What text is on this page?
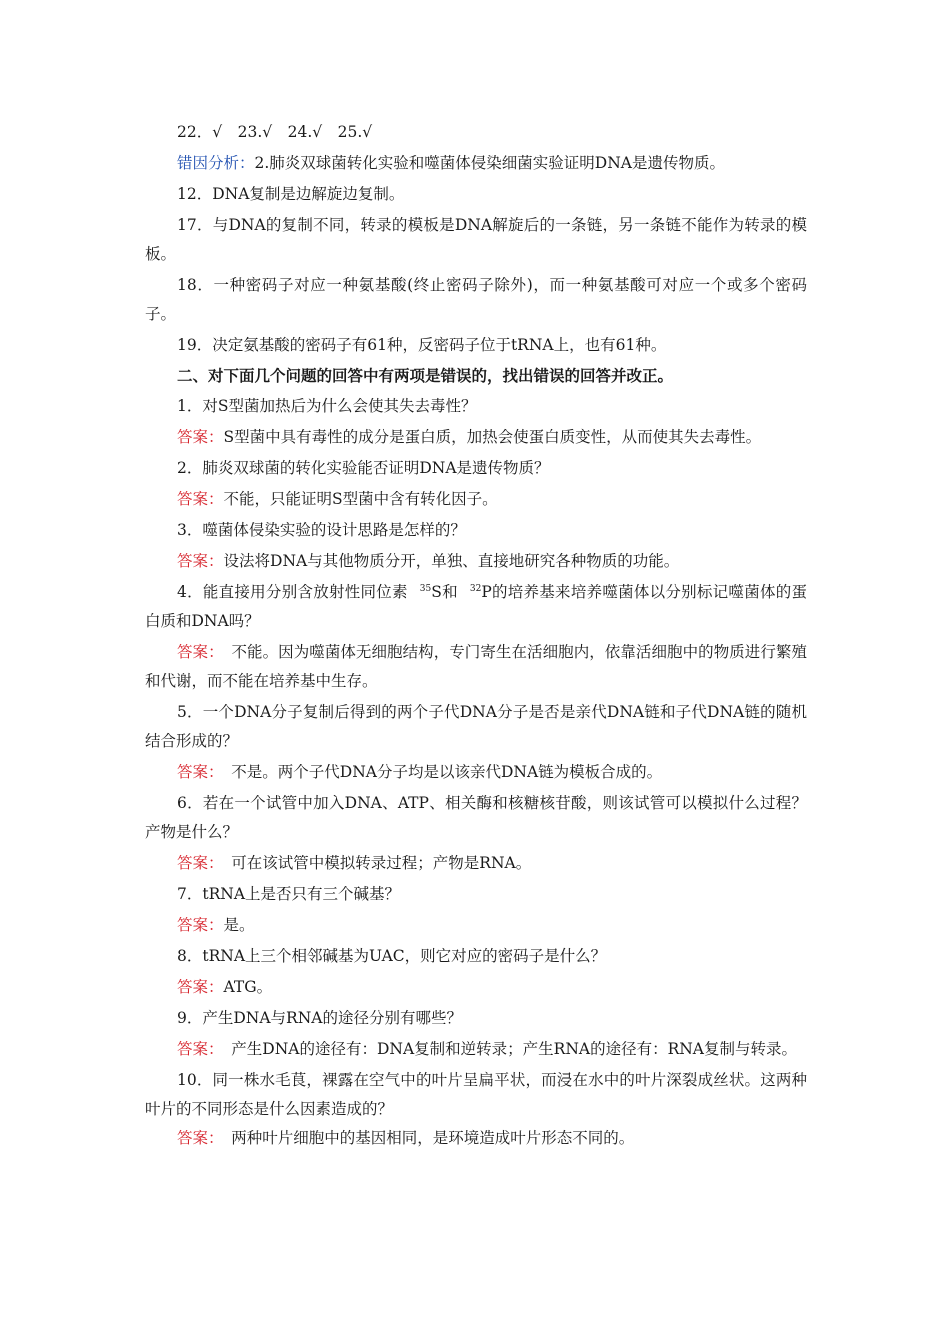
22．√　23.√　24.√　25.√

错因分析：2.肺炎双球菌转化实验和噬菌体侵染细菌实验证明DNA是遗传物质。

12．DNA复制是边解旋边复制。

17．与DNA的复制不同，转录的模板是DNA解旋后的一条链，另一条链不能作为转录的模板。

18．一种密码子对应一种氨基酸(终止密码子除外)，而一种氨基酸可对应一个或多个密码子。

19．决定氨基酸的密码子有61种，反密码子位于tRNA上，也有61种。

二、对下面几个问题的回答中有两项是错误的，找出错误的回答并改正。

1．对S型菌加热后为什么会使其失去毒性？

答案：S型菌中具有毒性的成分是蛋白质，加热会使蛋白质变性，从而使其失去毒性。

2．肺炎双球菌的转化实验能否证明DNA是遗传物质？

答案：不能，只能证明S型菌中含有转化因子。

3．噬菌体侵染实验的设计思路是怎样的？

答案：设法将DNA与其他物质分开，单独、直接地研究各种物质的功能。

4．能直接用分别含放射性同位素 $^{35}$S和 $^{32}$P的培养基来培养噬菌体以分别标记噬菌体的蛋白质和DNA吗？

答案：　 不能。因为噬菌体无细胞结构，专门寄生在活细胞内，依靠活细胞中的物质进行繁殖和代谢，而不能在培养基中生存。

5．一个DNA分子复制后得到的两个子代DNA分子是否是亲代DNA链和子代DNA链的随机结合形成的？

答案：　 不是。两个子代DNA分子均是以该亲代DNA链为模板合成的。

6．若在一个试管中加入DNA、ATP、相关酶和核糖核苷酸，则该试管可以模拟什么过程？产物是什么？

答案：　 可在该试管中模拟转录过程；产物是RNA。

7．tRNA上是否只有三个碱基？

答案：是。

8．tRNA上三个相邻碱基为UAC，则它对应的密码子是什么？

答案：ATG。

9．产生DNA与RNA的途径分别有哪些？

答案：　 产生DNA的途径有：DNA复制和逆转录；产生RNA的途径有：RNA复制与转录。

10．同一株水毛茛，裸露在空气中的叶片呈扁平状，而浸在水中的叶片深裂成丝状。这两种叶片的不同形态是什么因素造成的？

答案：　 两种叶片细胞中的基因相同，是环境造成叶片形态不同的。
